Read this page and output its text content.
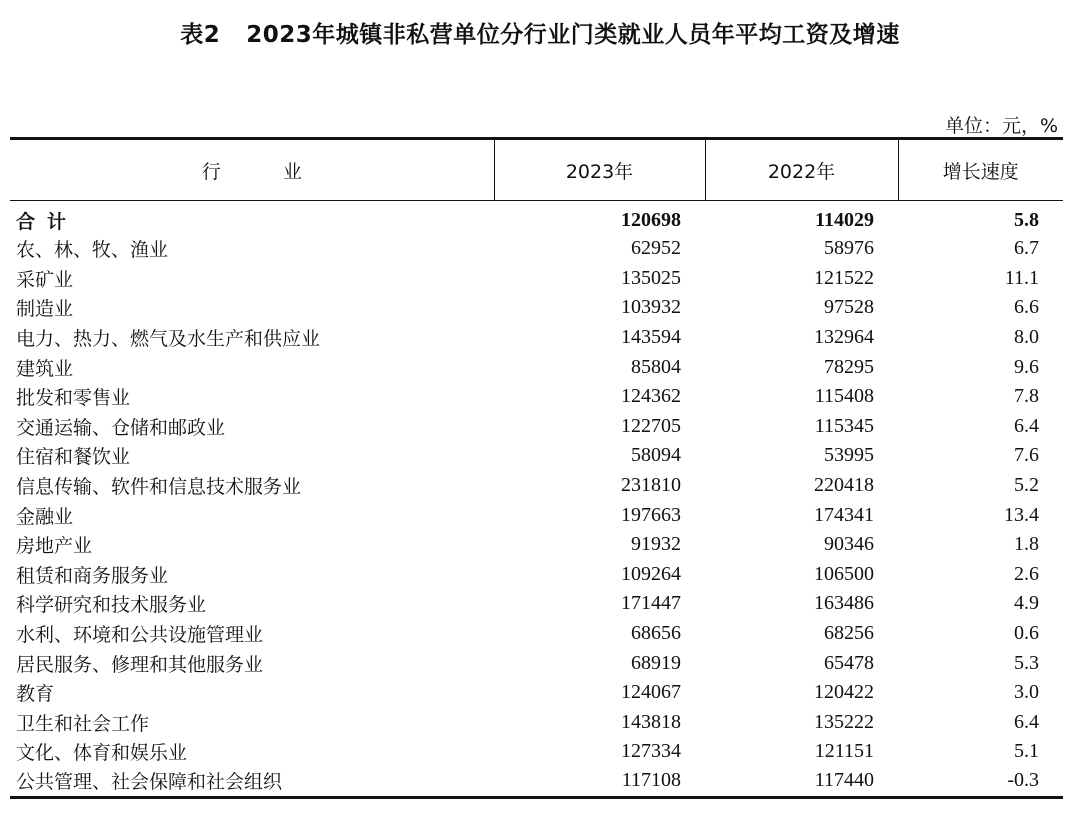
表2 2023年城镇非私营单位分行业门类就业人员年平均工资及增速
单位：元，%
行 业	2023年	2022年	增长速度
合计	120698	114029	5.8
农、林、牧、渔业	62952	58976	6.7
采矿业	135025	121522	11.1
制造业	103932	97528	6.6
电力、热力、燃气及水生产和供应业	143594	132964	8.0
建筑业	85804	78295	9.6
批发和零售业	124362	115408	7.8
交通运输、仓储和邮政业	122705	115345	6.4
住宿和餐饮业	58094	53995	7.6
信息传输、软件和信息技术服务业	231810	220418	5.2
金融业	197663	174341	13.4
房地产业	91932	90346	1.8
租赁和商务服务业	109264	106500	2.6
科学研究和技术服务业	171447	163486	4.9
水利、环境和公共设施管理业	68656	68256	0.6
居民服务、修理和其他服务业	68919	65478	5.3
教育	124067	120422	3.0
卫生和社会工作	143818	135222	6.4
文化、体育和娱乐业	127334	121151	5.1
公共管理、社会保障和社会组织	117108	117440	-0.3
